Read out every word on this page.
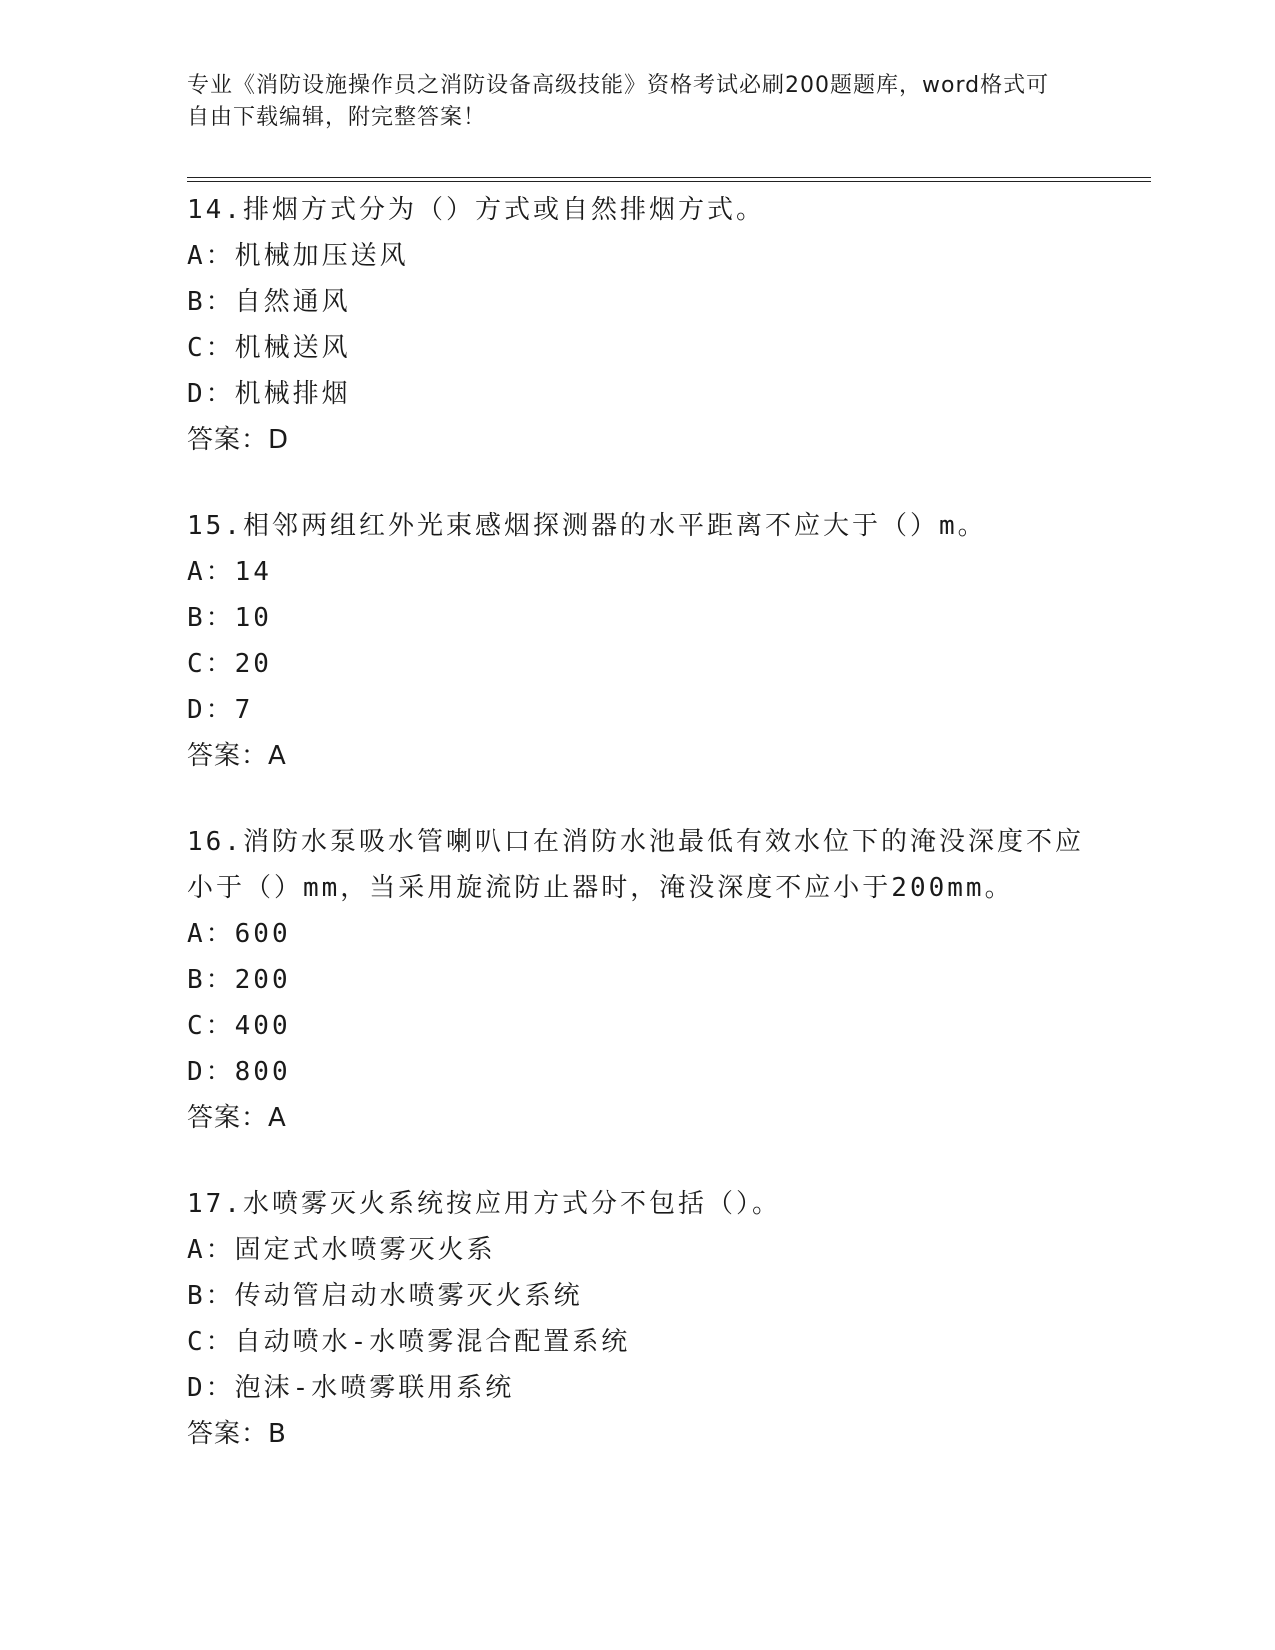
专业《消防设施操作员之消防设备高级技能》资格考试必刷200题题库，word格式可自由下载编辑，附完整答案！

14.排烟方式分为（）方式或自然排烟方式。

A：机械加压送风

B：自然通风

C：机械送风

D：机械排烟

答案：D

15.相邻两组红外光束感烟探测器的水平距离不应大于（）m。

A：14

B：10

C：20

D：7

答案：A

16.消防水泵吸水管喇叭口在消防水池最低有效水位下的淹没深度不应小于（）mm，当采用旋流防止器时，淹没深度不应小于200mm。

A：600

B：200

C：400

D：800

答案：A

17.水喷雾灭火系统按应用方式分不包括（）。

A：固定式水喷雾灭火系

B：传动管启动水喷雾灭火系统

C：自动喷水-水喷雾混合配置系统

D：泡沫-水喷雾联用系统

答案：B
